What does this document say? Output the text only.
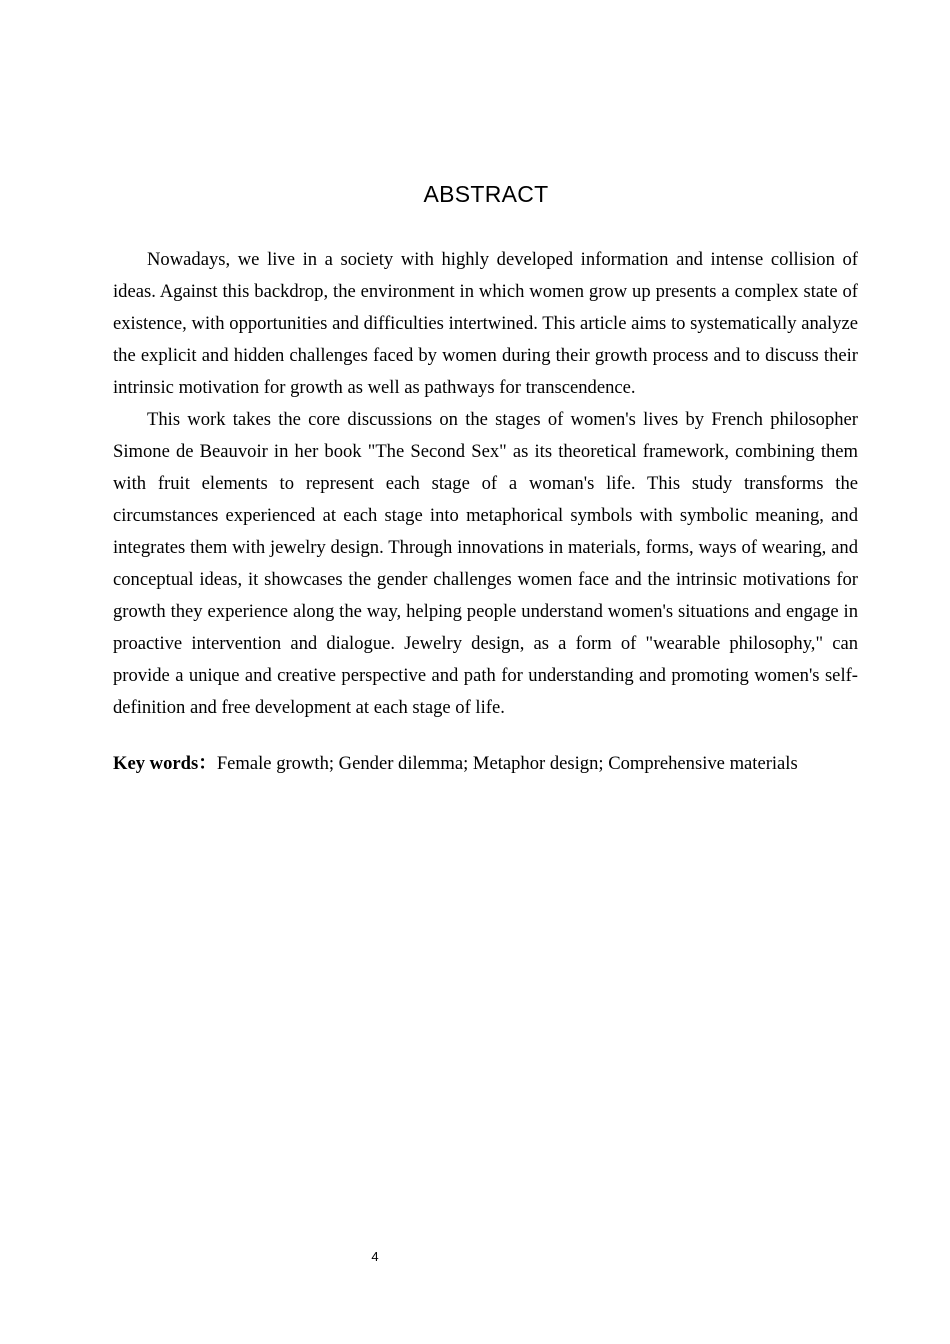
ABSTRACT

Nowadays, we live in a society with highly developed information and intense collision of ideas. Against this backdrop, the environment in which women grow up presents a complex state of existence, with opportunities and difficulties intertwined. This article aims to systematically analyze the explicit and hidden challenges faced by women during their growth process and to discuss their intrinsic motivation for growth as well as pathways for transcendence.

This work takes the core discussions on the stages of women's lives by French philosopher Simone de Beauvoir in her book "The Second Sex" as its theoretical framework, combining them with fruit elements to represent each stage of a woman's life. This study transforms the circumstances experienced at each stage into metaphorical symbols with symbolic meaning, and integrates them with jewelry design. Through innovations in materials, forms, ways of wearing, and conceptual ideas, it showcases the gender challenges women face and the intrinsic motivations for growth they experience along the way, helping people understand women's situations and engage in proactive intervention and dialogue. Jewelry design, as a form of "wearable philosophy," can provide a unique and creative perspective and path for understanding and promoting women's self-definition and free development at each stage of life.

Key words：Female growth; Gender dilemma; Metaphor design; Comprehensive materials
4
